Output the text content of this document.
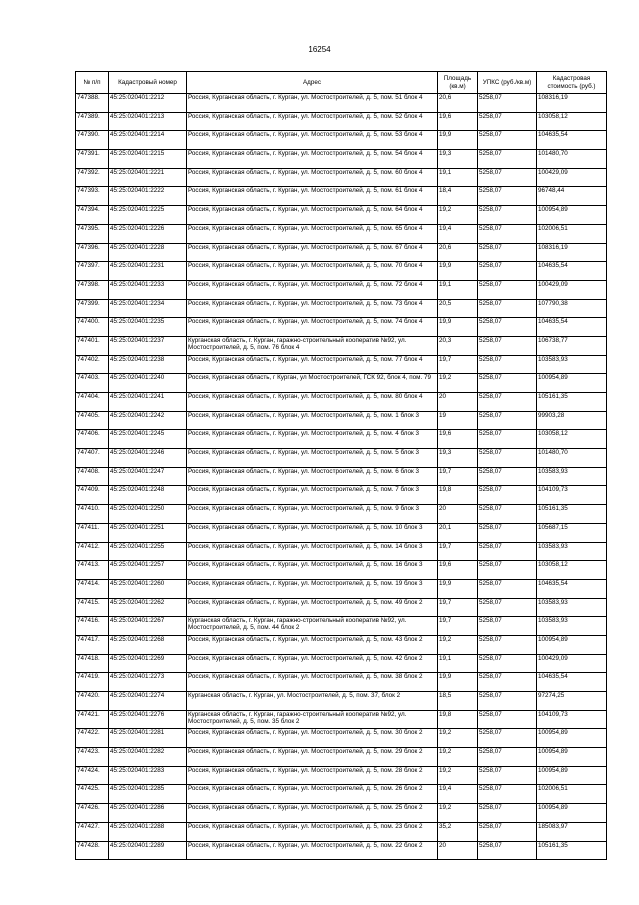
16254
№ п/п	Кадастровый номер	Адрес	Площадь (кв.м)	УПКС (руб./кв.м)	Кадастровая стоимость (руб.)
747388.	45:25:020401:2212	Россия, Курганская область, г. Курган, ул. Мостостроителей, д. 5, пом. 51 блок 4	20,6	5258,07	108316,19
747389.	45:25:020401:2213	Россия, Курганская область, г. Курган, ул. Мостостроителей, д. 5, пом. 52 блок 4	19,6	5258,07	103058,12
747390.	45:25:020401:2214	Россия, Курганская область, г. Курган, ул. Мостостроителей, д. 5, пом. 53 блок 4	19,9	5258,07	104635,54
747391.	45:25:020401:2215	Россия, Курганская область, г. Курган, ул. Мостостроителей, д. 5, пом. 54 блок 4	19,3	5258,07	101480,70
747392.	45:25:020401:2221	Россия, Курганская область, г. Курган, ул. Мостостроителей, д. 5, пом. 60 блок 4	19,1	5258,07	100429,09
747393.	45:25:020401:2222	Россия, Курганская область, г. Курган, ул. Мостостроителей, д. 5, пом. 61 блок 4	18,4	5258,07	96748,44
747394.	45:25:020401:2225	Россия, Курганская область, г. Курган, ул. Мостостроителей, д. 5, пом. 64 блок 4	19,2	5258,07	100954,89
747395.	45:25:020401:2226	Россия, Курганская область, г. Курган, ул. Мостостроителей, д. 5, пом. 65 блок 4	19,4	5258,07	102006,51
747396.	45:25:020401:2228	Россия, Курганская область, г. Курган, ул. Мостостроителей, д. 5, пом. 67 блок 4	20,6	5258,07	108316,19
747397.	45:25:020401:2231	Россия, Курганская область, г. Курган, ул. Мостостроителей, д. 5, пом. 70 блок 4	19,9	5258,07	104635,54
747398.	45:25:020401:2233	Россия, Курганская область, г. Курган, ул. Мостостроителей, д. 5, пом. 72 блок 4	19,1	5258,07	100429,09
747399.	45:25:020401:2234	Россия, Курганская область, г. Курган, ул. Мостостроителей, д. 5, пом. 73 блок 4	20,5	5258,07	107790,38
747400.	45:25:020401:2235	Россия, Курганская область, г. Курган, ул. Мостостроителей, д. 5, пом. 74 блок 4	19,9	5258,07	104635,54
747401.	45:25:020401:2237	Курганская область, г. Курган, гаражно-строительный кооператив №92, ул. Мостостроителей, д. 5, пом. 76 блок 4	20,3	5258,07	106738,77
747402.	45:25:020401:2238	Россия, Курганская область, г. Курган, ул. Мостостроителей, д. 5, пом. 77 блок 4	19,7	5258,07	103583,93
747403.	45:25:020401:2240	Россия, Курганская область, г Курган, ул Мостостроителей, ГСК 92, блок 4, пом. 79	19,2	5258,07	100954,89
747404.	45:25:020401:2241	Россия, Курганская область, г. Курган, ул. Мостостроителей, д. 5, пом. 80 блок 4	20	5258,07	105161,35
747405.	45:25:020401:2242	Россия, Курганская область, г. Курган, ул. Мостостроителей, д. 5, пом. 1 блок 3	19	5258,07	99903,28
747406.	45:25:020401:2245	Россия, Курганская область, г. Курган, ул. Мостостроителей, д. 5, пом. 4 блок 3	19,6	5258,07	103058,12
747407.	45:25:020401:2246	Россия, Курганская область, г. Курган, ул. Мостостроителей, д. 5, пом. 5 блок 3	19,3	5258,07	101480,70
747408.	45:25:020401:2247	Россия, Курганская область, г. Курган, ул. Мостостроителей, д. 5, пом. 6 блок 3	19,7	5258,07	103583,93
747409.	45:25:020401:2248	Россия, Курганская область, г. Курган, ул. Мостостроителей, д. 5, пом. 7 блок 3	19,8	5258,07	104109,73
747410.	45:25:020401:2250	Россия, Курганская область, г. Курган, ул. Мостостроителей, д. 5, пом. 9 блок 3	20	5258,07	105161,35
747411.	45:25:020401:2251	Россия, Курганская область, г. Курган, ул. Мостостроителей, д. 5, пом. 10 блок 3	20,1	5258,07	105687,15
747412.	45:25:020401:2255	Россия, Курганская область, г. Курган, ул. Мостостроителей, д. 5, пом. 14 блок 3	19,7	5258,07	103583,93
747413.	45:25:020401:2257	Россия, Курганская область, г. Курган, ул. Мостостроителей, д. 5, пом. 16 блок 3	19,6	5258,07	103058,12
747414.	45:25:020401:2260	Россия, Курганская область, г. Курган, ул. Мостостроителей, д. 5, пом. 19 блок 3	19,9	5258,07	104635,54
747415.	45:25:020401:2262	Россия, Курганская область, г. Курган, ул. Мостостроителей, д. 5, пом. 49 блок 2	19,7	5258,07	103583,93
747416.	45:25:020401:2267	Курганская область, г. Курган, гаражно-строительный кооператив №92, ул. Мостостроителей, д. 5, пом. 44 блок 2	19,7	5258,07	103583,93
747417.	45:25:020401:2268	Россия, Курганская область, г. Курган, ул. Мостостроителей, д. 5, пом. 43 блок 2	19,2	5258,07	100954,89
747418.	45:25:020401:2269	Россия, Курганская область, г. Курган, ул. Мостостроителей, д. 5, пом. 42 блок 2	19,1	5258,07	100429,09
747419.	45:25:020401:2273	Россия, Курганская область, г. Курган, ул. Мостостроителей, д. 5, пом. 38 блок 2	19,9	5258,07	104635,54
747420.	45:25:020401:2274	Курганская область, г. Курган, ул. Мостостроителей, д. 5, пом. 37, блок 2	18,5	5258,07	97274,25
747421.	45:25:020401:2276	Курганская область, г. Курган, гаражно-строительный кооператив №92, ул. Мостостроителей, д. 5, пом. 35 блок 2	19,8	5258,07	104109,73
747422.	45:25:020401:2281	Россия, Курганская область, г. Курган, ул. Мостостроителей, д. 5, пом. 30 блок 2	19,2	5258,07	100954,89
747423.	45:25:020401:2282	Россия, Курганская область, г. Курган, ул. Мостостроителей, д. 5, пом. 29 блок 2	19,2	5258,07	100954,89
747424.	45:25:020401:2283	Россия, Курганская область, г. Курган, ул. Мостостроителей, д. 5, пом. 28 блок 2	19,2	5258,07	100954,89
747425.	45:25:020401:2285	Россия, Курганская область, г. Курган, ул. Мостостроителей, д. 5, пом. 26 блок 2	19,4	5258,07	102006,51
747426.	45:25:020401:2286	Россия, Курганская область, г. Курган, ул. Мостостроителей, д. 5, пом. 25 блок 2	19,2	5258,07	100954,89
747427.	45:25:020401:2288	Россия, Курганская область, г. Курган, ул. Мостостроителей, д. 5, пом. 23 блок 2	35,2	5258,07	185083,97
747428.	45:25:020401:2289	Россия, Курганская область, г. Курган, ул. Мостостроителей, д. 5, пом. 22 блок 2	20	5258,07	105161,35
